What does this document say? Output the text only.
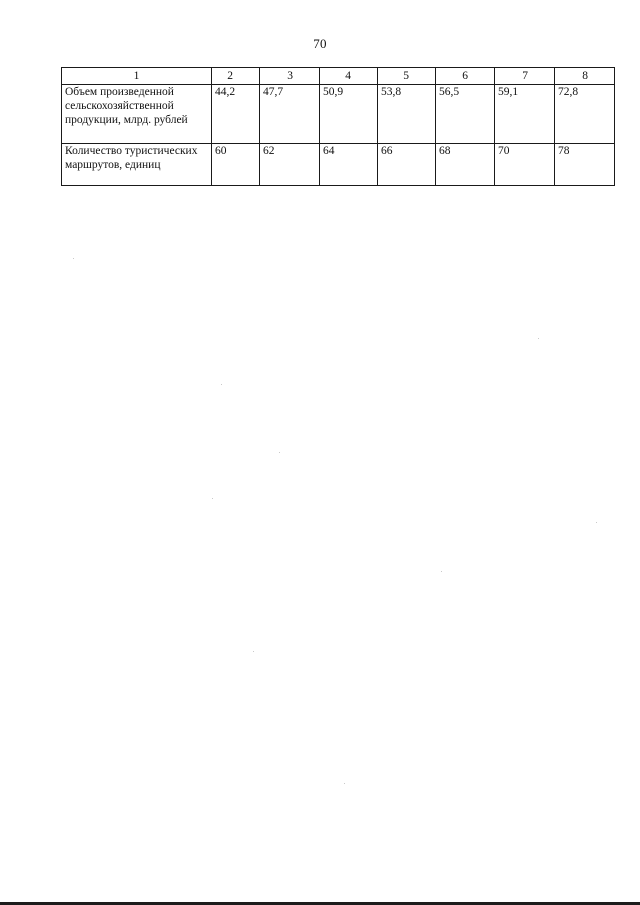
70
1	2	3	4	5	6	7	8
Объем произведенной сельскохозяйственной продукции, млрд. рублей	44,2	47,7	50,9	53,8	56,5	59,1	72,8
Количество туристических маршрутов, единиц	60	62	64	66	68	70	78
